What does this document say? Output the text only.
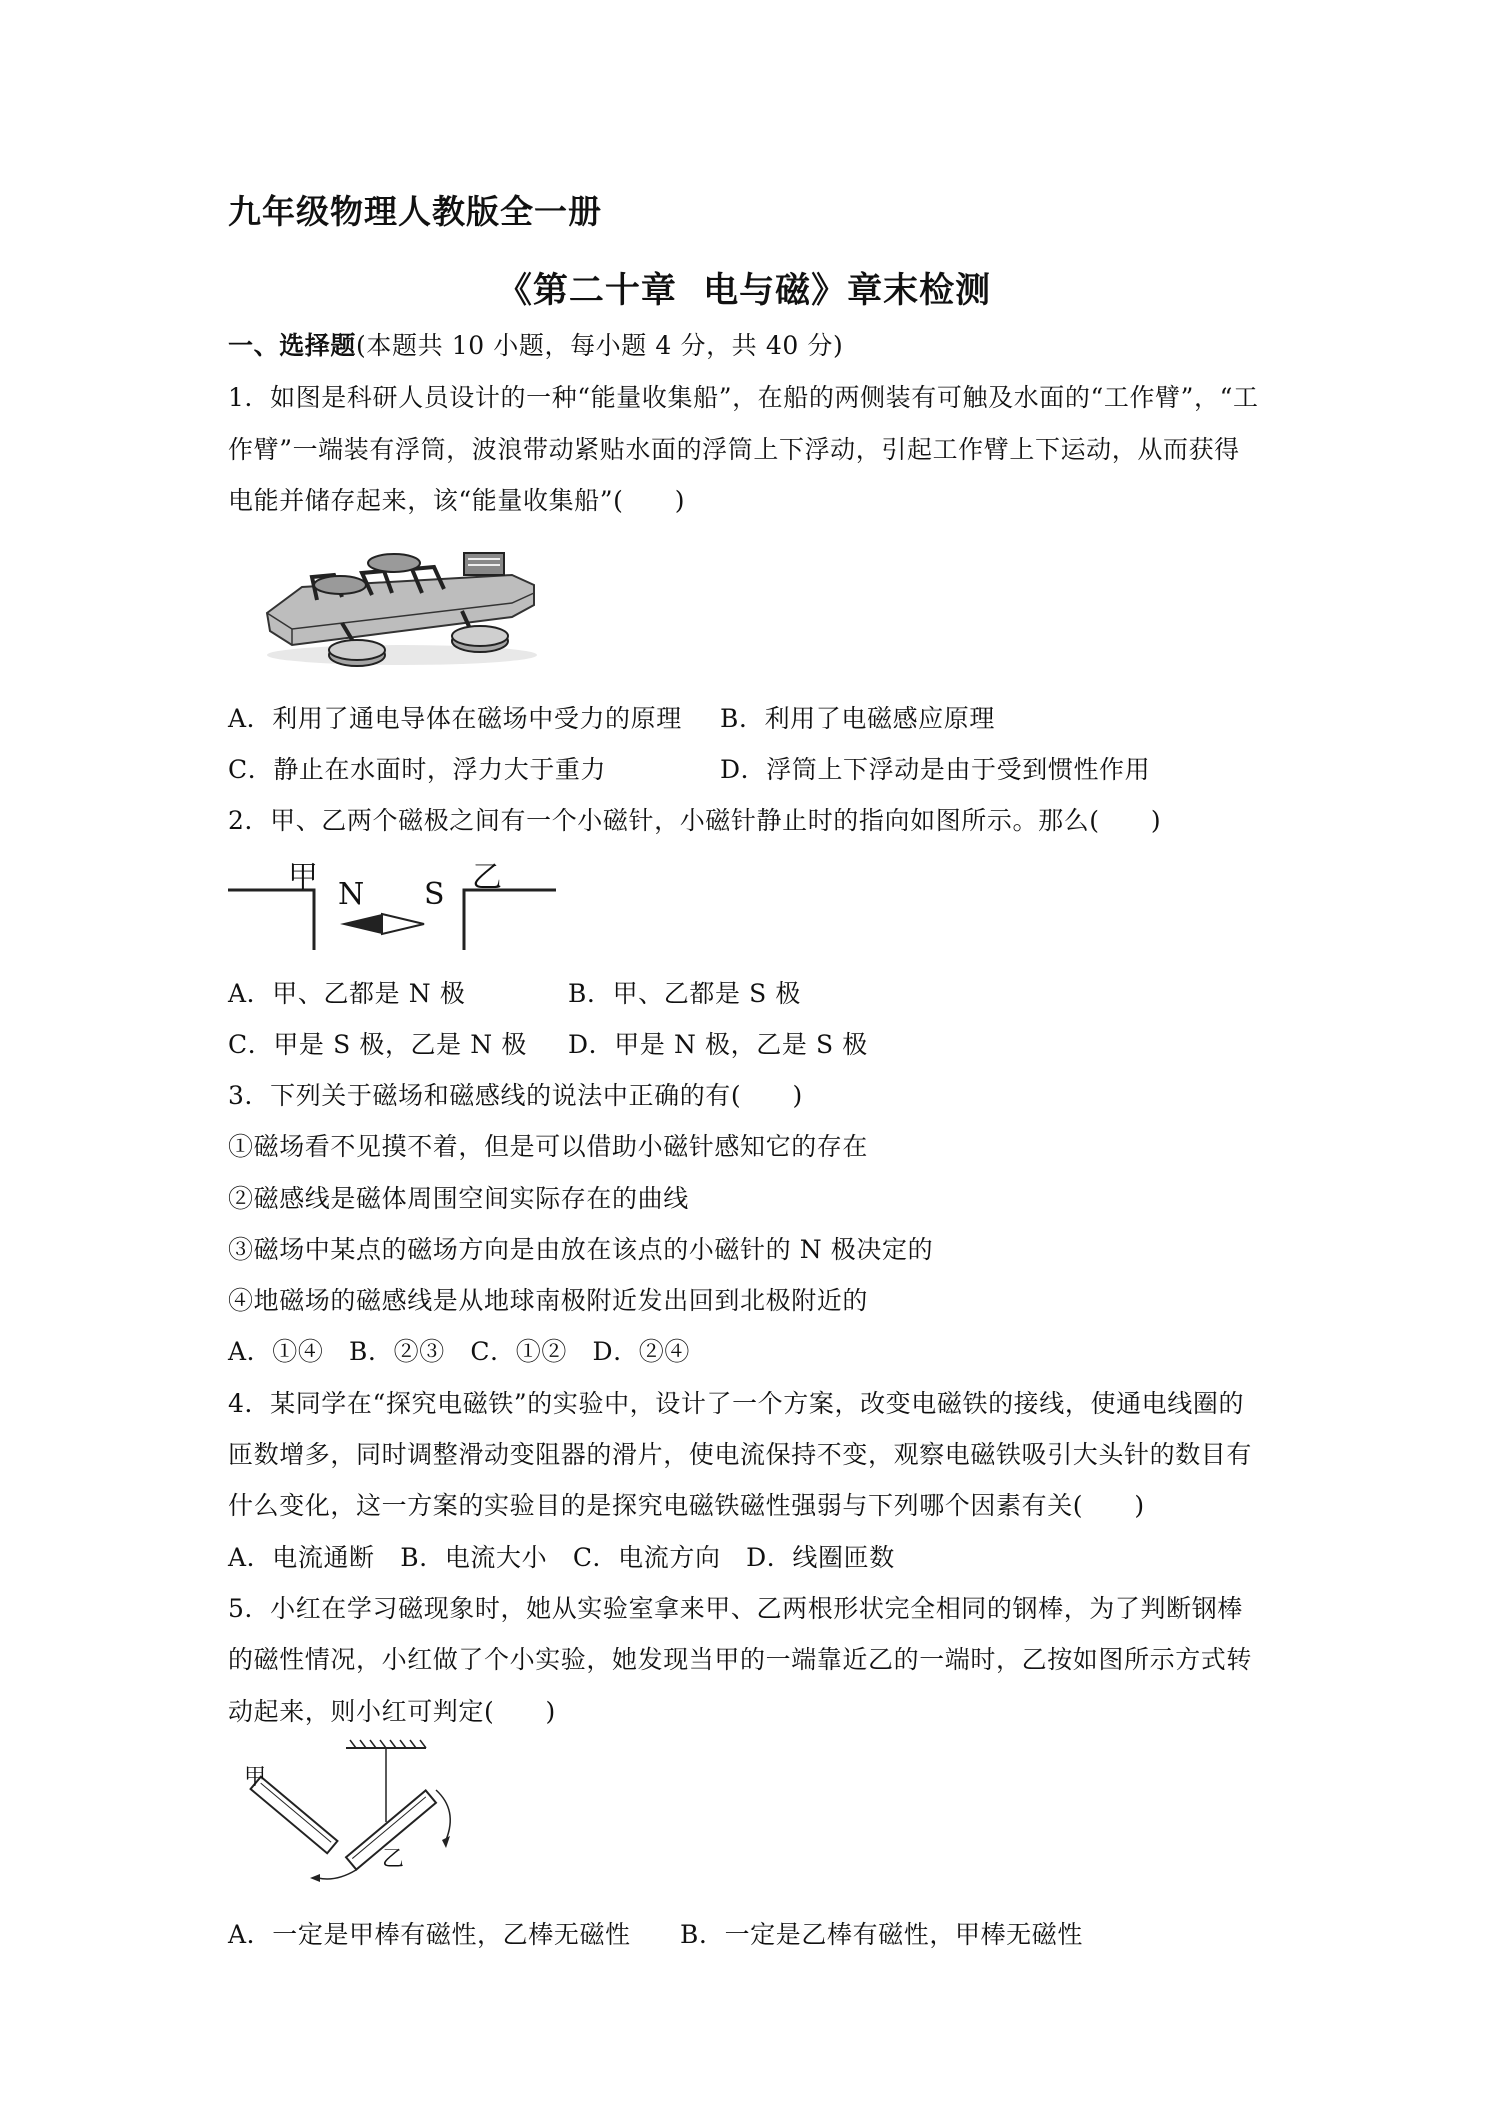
九年级物理人教版全一册
《第二十章  电与磁》章末检测
一、选择题(本题共 10 小题，每小题 4 分，共 40 分)
1．如图是科研人员设计的一种“能量收集船”，在船的两侧装有可触及水面的“工作臂”，“工
作臂”一端装有浮筒，波浪带动紧贴水面的浮筒上下浮动，引起工作臂上下运动，从而获得
电能并储存起来，该“能量收集船”(　　)
A．利用了通电导体在磁场中受力的原理 B．利用了电磁感应原理
C．静止在水面时，浮力大于重力	D．浮筒上下浮动是由于受到惯性作用
2．甲、乙两个磁极之间有一个小磁针，小磁针静止时的指向如图所示。那么(　　)
甲	乙
N S
A．甲、乙都是 N 极	B．甲、乙都是 S 极
C．甲是 S 极，乙是 N 极 D．甲是 N 极，乙是 S 极
3．下列关于磁场和磁感线的说法中正确的有(　　)
①磁场看不见摸不着，但是可以借助小磁针感知它的存在
②磁感线是磁体周围空间实际存在的曲线
③磁场中某点的磁场方向是由放在该点的小磁针的 N 极决定的
④地磁场的磁感线是从地球南极附近发出回到北极附近的
A．①④　B．②③　C．①②　D．②④
4．某同学在“探究电磁铁”的实验中，设计了一个方案，改变电磁铁的接线，使通电线圈的
匝数增多，同时调整滑动变阻器的滑片，使电流保持不变，观察电磁铁吸引大头针的数目有
什么变化，这一方案的实验目的是探究电磁铁磁性强弱与下列哪个因素有关(　　)
A．电流通断　B．电流大小　C．电流方向　D．线圈匝数
5．小红在学习磁现象时，她从实验室拿来甲、乙两根形状完全相同的钢棒，为了判断钢棒
的磁性情况，小红做了个小实验，她发现当甲的一端靠近乙的一端时，乙按如图所示方式转
动起来，则小红可判定(　　)
甲
乙
A．一定是甲棒有磁性，乙棒无磁性 B．一定是乙棒有磁性，甲棒无磁性
